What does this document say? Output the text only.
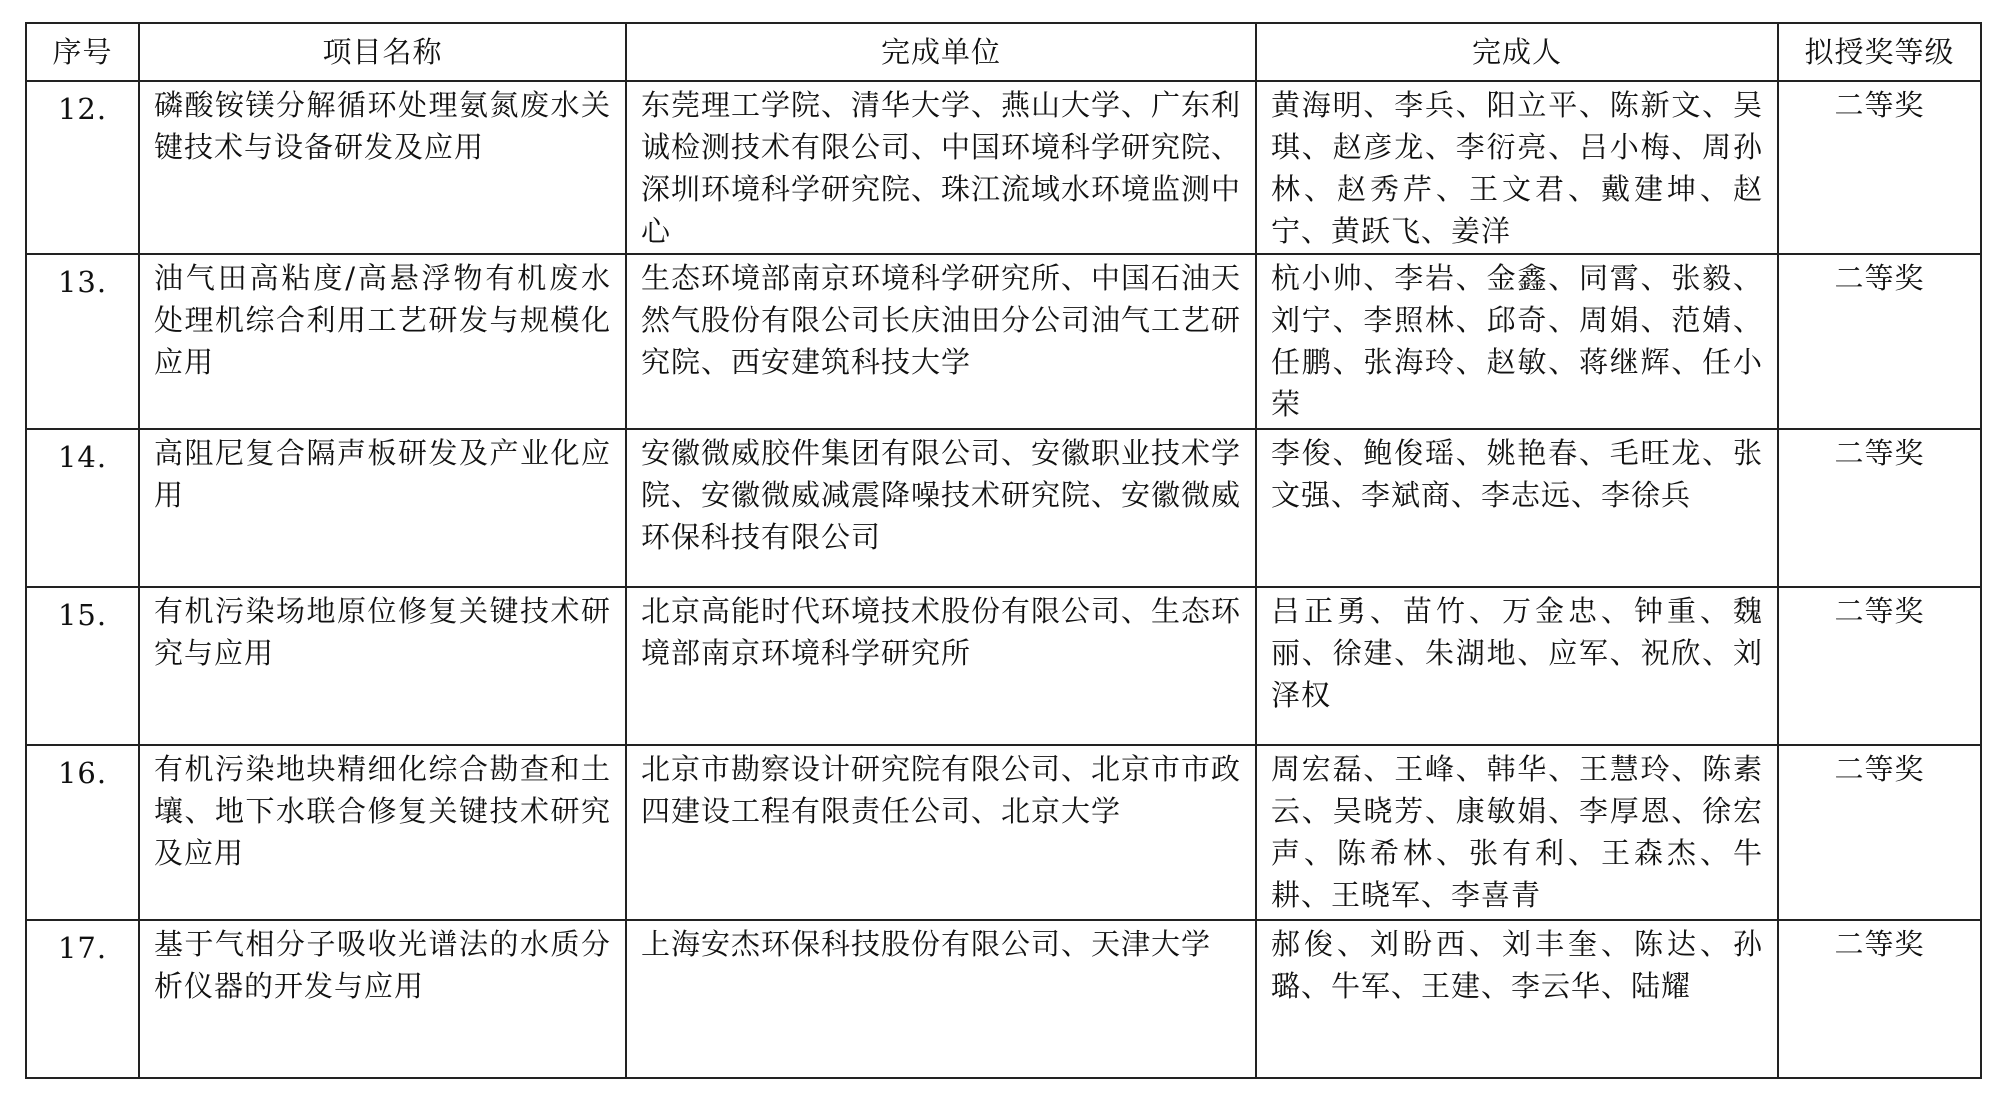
序号	项目名称	完成单位	完成人	拟授奖等级
12.	磷酸铵镁分解循环处理氨氮废水关键技术与设备研发及应用	东莞理工学院、清华大学、燕山大学、广东利诚检测技术有限公司、中国环境科学研究院、深圳环境科学研究院、珠江流域水环境监测中心	黄海明、李兵、阳立平、陈新文、吴琪、赵彦龙、李衍亮、吕小梅、周孙林、赵秀芹、王文君、戴建坤、赵宁、黄跃飞、姜洋	二等奖
13.	油气田高粘度/高悬浮物有机废水处理机综合利用工艺研发与规模化应用	生态环境部南京环境科学研究所、中国石油天然气股份有限公司长庆油田分公司油气工艺研究院、西安建筑科技大学	杭小帅、李岩、金鑫、同霄、张毅、刘宁、李照林、邱奇、周娟、范婧、任鹏、张海玲、赵敏、蒋继辉、任小荣	二等奖
14.	高阻尼复合隔声板研发及产业化应用	安徽微威胶件集团有限公司、安徽职业技术学院、安徽微威减震降噪技术研究院、安徽微威环保科技有限公司	李俊、鲍俊瑶、姚艳春、毛旺龙、张文强、李斌商、李志远、李徐兵	二等奖
15.	有机污染场地原位修复关键技术研究与应用	北京高能时代环境技术股份有限公司、生态环境部南京环境科学研究所	吕正勇、苗竹、万金忠、钟重、魏丽、徐建、朱湖地、应军、祝欣、刘泽权	二等奖
16.	有机污染地块精细化综合勘查和土壤、地下水联合修复关键技术研究及应用	北京市勘察设计研究院有限公司、北京市市政四建设工程有限责任公司、北京大学	周宏磊、王峰、韩华、王慧玲、陈素云、吴晓芳、康敏娟、李厚恩、徐宏声、陈希林、张有利、王森杰、牛耕、王晓军、李喜青	二等奖
17.	基于气相分子吸收光谱法的水质分析仪器的开发与应用	上海安杰环保科技股份有限公司、天津大学	郝俊、刘盼西、刘丰奎、陈达、孙璐、牛军、王建、李云华、陆耀	二等奖
